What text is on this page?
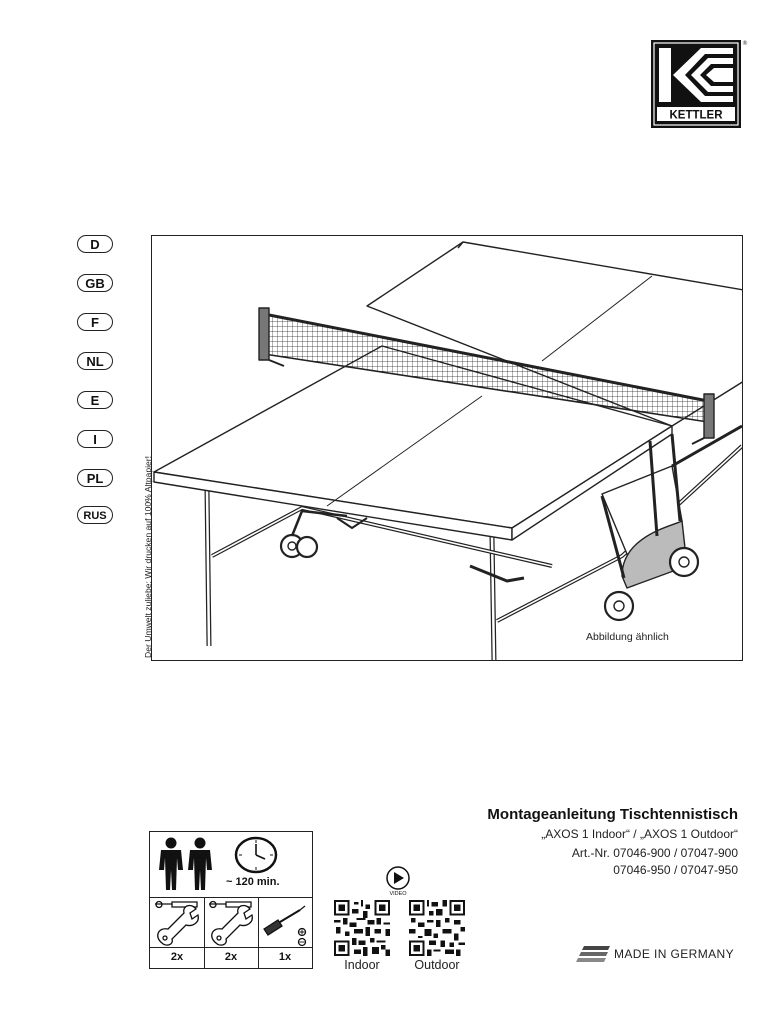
KETTLER
®
D
GB
F
NL
E
I
PL
RUS	Der Umwelt zuliebe: Wir drucken auf 100% Altpapier!	Abbildung ähnlich
Montageanleitung Tischtennistisch
„AXOS 1 Indoor“ / „AXOS 1 Outdoor“
Art.-Nr. 07046-900 / 07047-900
07046-950 / 07047-950
~ 120 min.
2x	2x	1x
VIDEO
Indoor	Outdoor
MADE IN GERMANY
